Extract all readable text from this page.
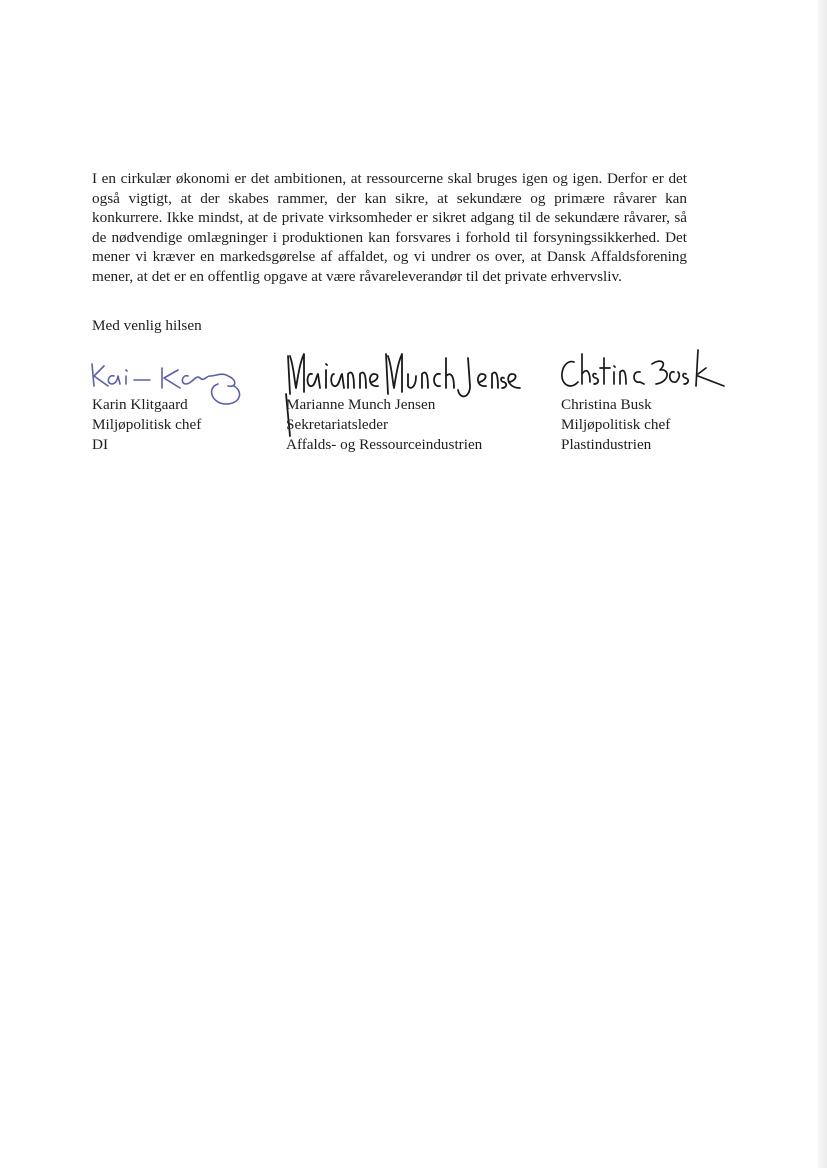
I en cirkulær økonomi er det ambitionen, at ressourcerne skal bruges igen og igen. Derfor er det også vigtigt, at der skabes rammer, der kan sikre, at sekundære og primære råvarer kan konkurrere. Ikke mindst, at de private virksomheder er sikret adgang til de sekundære råvarer, så de nødvendige omlægninger i produktionen kan forsvares i forhold til forsyningssikkerhed. Det mener vi kræver en markedsgørelse af affaldet, og vi undrer os over, at Dansk Affaldsforening mener, at det er en offentlig opgave at være råvareleverandør til det private erhvervsliv.

Med venlig hilsen

Karin Klitgaard
Miljøpolitisk chef
DI
Marianne Munch Jensen
Sekretariatsleder
Affalds- og Ressourceindustrien
Christina Busk
Miljøpolitisk chef
Plastindustrien
